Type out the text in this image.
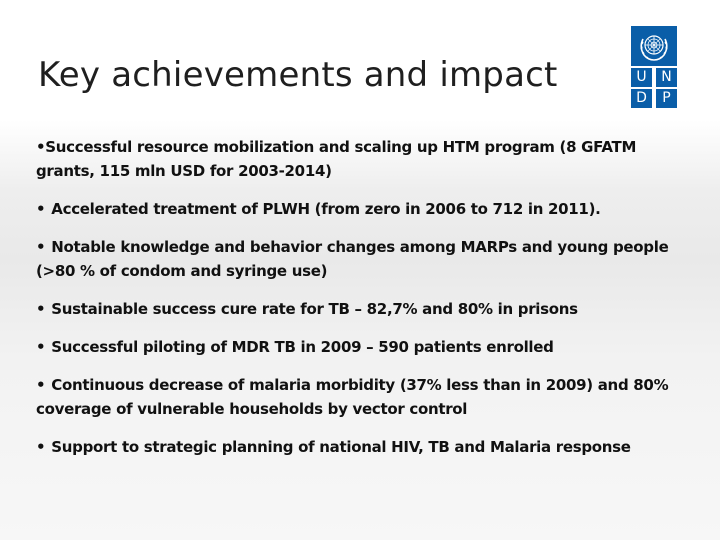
Key achievements and impact	U	N
D	P
•Successful resource mobilization and scaling up HTM program (8 GFATM grants, 115 mln USD for 2003-2014)
• Accelerated treatment of PLWH (from zero in 2006 to 712 in 2011).
• Notable knowledge and behavior changes among MARPs and young people (>80 % of condom and syringe use)
• Sustainable success cure rate for TB – 82,7% and 80% in prisons
• Successful piloting of MDR TB in 2009 – 590 patients enrolled
• Continuous decrease of malaria morbidity (37% less than in 2009) and 80% coverage of vulnerable households by vector control
• Support to strategic planning of national HIV, TB and Malaria response
